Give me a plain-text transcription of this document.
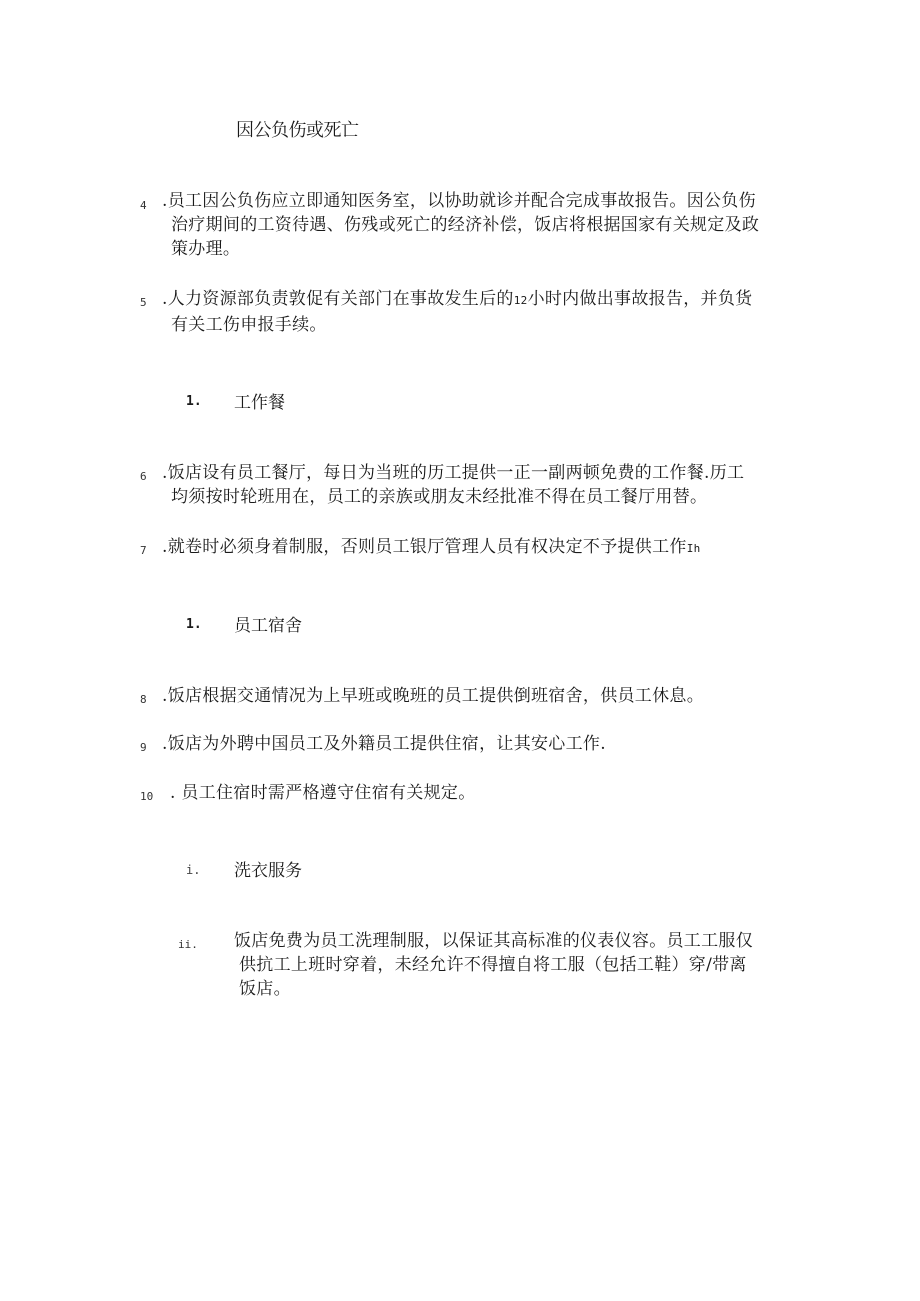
因公负伤或死亡
4 .员工因公负伤应立即通知医务室，以协助就诊并配合完成事故报告。因公负伤
治疗期间的工资待遇、伤残或死亡的经济补偿，饭店将根据国家有关规定及政
策办理。
5 .人力资源部负责敦促有关部门在事故发生后的12小时内做出事故报告，并负货
有关工伤申报手续。
1. 工作餐
6 .饭店设有员工餐厅，每日为当班的历工提供一正一副两顿免费的工作餐.历工
均须按时轮班用在，员工的亲族或朋友未经批准不得在员工餐厅用替。
7 .就卷时必须身着制服，否则员工银厅管理人员有权决定不予提供工作Ih
1. 员工宿舍
8 .饭店根据交通情况为上早班或晚班的员工提供倒班宿舍，供员工休息。
9 .饭店为外聘中国员工及外籍员工提供住宿，让其安心工作.
10 . 员工住宿时需严格遵守住宿有关规定。
i. 洗衣服务
ii. 饭店免费为员工洗理制服，以保证其高标准的仪表仪容。员工工服仅
供抗工上班时穿着，未经允许不得擅自将工服（包括工鞋）穿/带离
饭店。
